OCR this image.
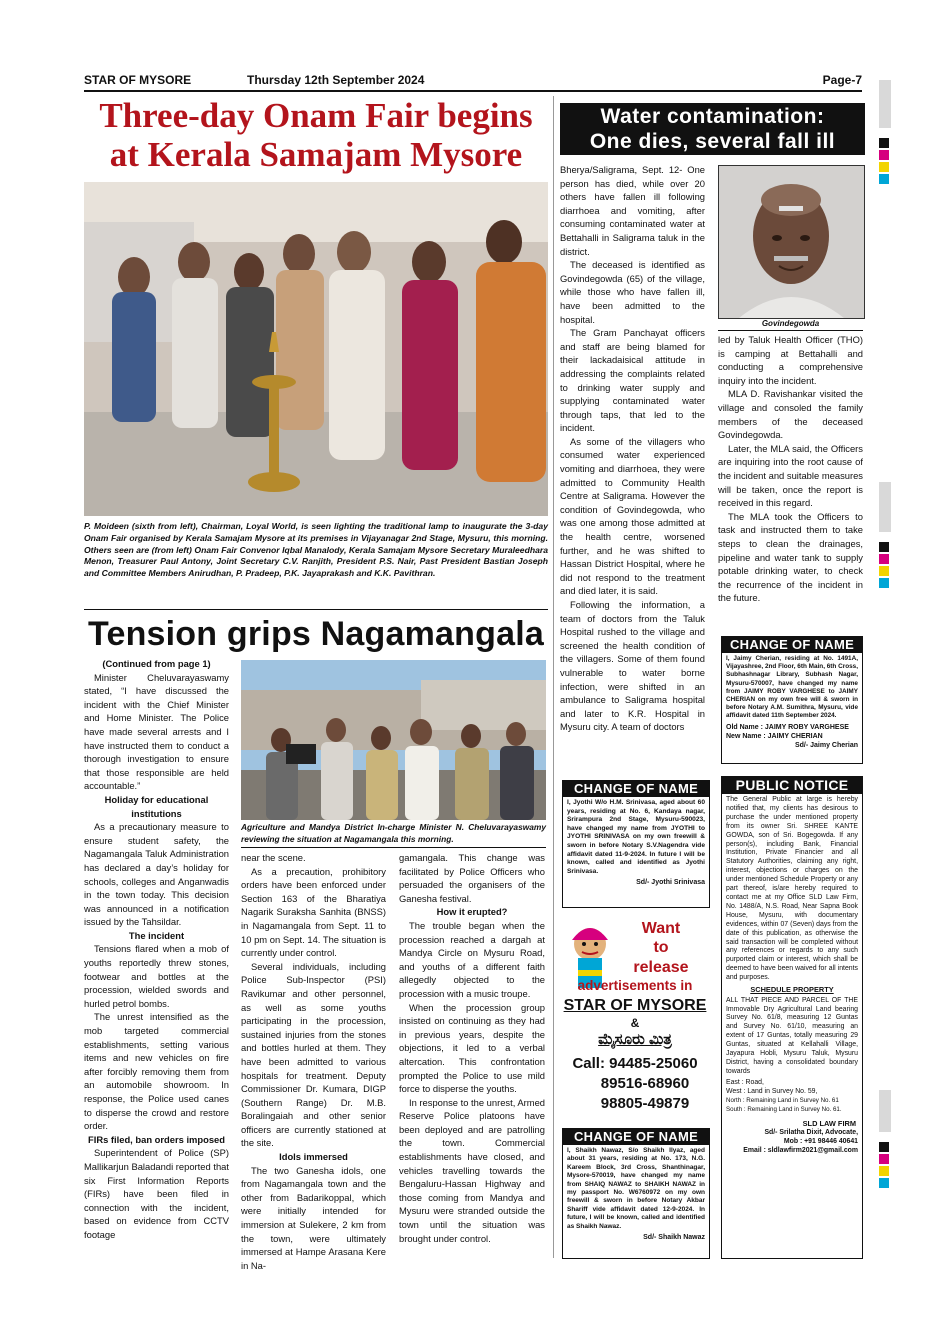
STAR OF MYSORE	Thursday 12th September 2024	Page-7
Three-day Onam Fair begins
at Kerala Samajam Mysore
P. Moideen (sixth from left), Chairman, Loyal World, is seen lighting the traditional lamp to inaugurate the 3-day Onam Fair organised by Kerala Samajam Mysore at its premises in Vijayanagar 2nd Stage, Mysuru, this morning. Others seen are (from left) Onam Fair Convenor Iqbal Manalody, Kerala Samajam Mysore Secretary Muraleedhara Menon, Treasurer Paul Antony, Joint Secretary C.V. Ranjith, President P.S. Nair, Past President Bastian Joseph and Committee Members Anirudhan, P. Pradeep, P.K. Jayaprakash and K.K. Pavithran.
Water contamination:
One dies, several fall ill

Bherya/Saligrama, Sept. 12- One person has died, while over 20 others have fallen ill following diarrhoea and vomiting, after consuming contaminated water at Bettahalli in Saligrama taluk in the district.

The deceased is identified as Govindegowda (65) of the village, while those who have fallen ill, have been admitted to the hospital.

The Gram Panchayat officers and staff are being blamed for their lackadaisical attitude in addressing the complaints related to drinking water supply and supplying contaminated water through taps, that led to the incident.

As some of the villagers who consumed water experienced vomiting and diarrhoea, they were admitted to Community Health Centre at Saligrama. However the condition of Govindegowda, who was one among those admitted at the health centre, worsened further, and he was shifted to Hassan District Hospital, where he did not respond to the treatment and died later, it is said.

Following the information, a team of doctors from the Taluk Hospital rushed to the village and screened the health condition of the villagers. Some of them found vulnerable to water borne infection, were shifted in an ambulance to Saligrama hospital and later to K.R. Hospital in Mysuru city. A team of doctors

Govindegowda

led by Taluk Health Officer (THO) is camping at Bettahalli and conducting a comprehensive inquiry into the incident.

MLA D. Ravishankar visited the village and consoled the family members of the deceased Govindegowda.

Later, the MLA said, the Officers are inquiring into the root cause of the incident and suitable measures will be taken, once the report is received in this regard.

The MLA took the Officers to task and instructed them to take steps to clean the drainages, pipeline and water tank to supply potable drinking water, to check the recurrence of the incident in the future.

CHANGE OF NAME
I, Jaimy Cherian, residing at No. 1491A, Vijayashree, 2nd Floor, 6th Main, 6th Cross, Subhashnagar Library, Subhash Nagar, Mysuru-570007, have changed my name from JAIMY ROBY VARGHESE to JAIMY CHERIAN on my own free will & sworn in before Notary A.M. Sumithra, Mysuru, vide affidavit dated 11th September 2024.
Old Name : JAIMY ROBY VARGHESE
New Name : JAIMY CHERIAN
Sd/- Jaimy Cherian
CHANGE OF NAME
I, Jyothi W/o H.M. Srinivasa, aged about 60 years, residing at No. 6, Kandaya nagar, Srirampura 2nd Stage, Mysuru-590023, have changed my name from JYOTHI to JYOTHI SRINIVASA on my own freewill & sworn in before Notary S.V.Nagendra vide affidavit dated 11-9-2024. In future I will be known, called and identified as Jyothi Srinivasa.
Sd/- Jyothi Srinivasa
Want
to
release
advertisements in
STAR OF MYSORE
&
ಮೈಸೂರು ಮಿತ್ರ
Call: 94485-25060
89516-68960
98805-49879
CHANGE OF NAME
I, Shaikh Nawaz, S/o Shaikh Ilyaz, aged about 31 years, residing at No. 173, N.G. Kareem Block, 3rd Cross, Shanthinagar, Mysore-570019, have changed my name from SHAIQ NAWAZ to SHAIKH NAWAZ in my passport No. W6760972 on my own freewill & sworn in before Notary Akbar Shariff vide affidavit dated 12-9-2024. In future, I will be known, called and identified as Shaikh Nawaz.
Sd/- Shaikh Nawaz
PUBLIC NOTICE
The General Public at large is hereby notified that, my clients has desirous to purchase the under mentioned property from its owner Sri. SHREE KANTE GOWDA, son of Sri. Bogegowda. If any person(s), including Bank, Financial Institution, Private Financier and all Statutory Authorities, claiming any right, interest, objections or charges on the under mentioned Schedule Property or any part thereof, is/are hereby required to contact me at my Office SLD Law Firm, No. 1488/A, N.S. Road, Near Sapna Book House, Mysuru, with documentary evidences, within 07 (Seven) days from the date of this publication, as otherwise the said transaction will be completed without any references or regards to any such purported claim or interest, which shall be deemed to have been waived for all intents and purposes.
SCHEDULE PROPERTY
ALL THAT PIECE AND PARCEL OF THE Immovable Dry Agricultural Land bearing Survey No. 61/8, measuring 12 Guntas and Survey No. 61/10, measuring an extent of 17 Guntas, totally measuring 29 Guntas, situated at Kellahalli Village, Jayapura Hobli, Mysuru Taluk, Mysuru District, having a consolidated boundary towards
East : Road,
West : Land in Survey No. 59,
North : Remaining Land in Survey No. 61
South : Remaining Land in Survey No. 61.
SLD LAW FIRM
Sd/- Srilatha Dixit, Advocate,
Mob : +91 98446 40641
Email : sldlawfirm2021@gmail.com
Tension grips Nagamangala
(Continued from page 1)

Minister Cheluvarayaswamy stated, “I have discussed the incident with the Chief Minister and Home Minister. The Police have made several arrests and I have instructed them to conduct a thorough investigation to ensure that those responsible are held accountable.”

Holiday for educational institutions

As a precautionary measure to ensure student safety, the Nagamangala Taluk Administration has declared a day’s holiday for schools, colleges and Anganwadis in the town today. This decision was announced in a notification issued by the Tahsildar.

The incident

Tensions flared when a mob of youths reportedly threw stones, footwear and bottles at the procession, wielded swords and hurled petrol bombs.

The unrest intensified as the mob targeted commercial establishments, setting various items and new vehicles on fire after forcibly removing them from an automobile showroom. In response, the Police used canes to disperse the crowd and restore order.

FIRs filed, ban orders imposed

Superintendent of Police (SP) Mallikarjun Baladandi reported that six First Information Reports (FIRs) have been filed in connection with the incident, based on evidence from CCTV footage

Agriculture and Mandya District In-charge Minister N. Cheluvarayaswamy reviewing the situation at Nagamangala this morning.

near the scene.

As a precaution, prohibitory orders have been enforced under Section 163 of the Bharatiya Nagarik Suraksha Sanhita (BNSS) in Nagamangala from Sept. 11 to 10 pm on Sept. 14. The situation is currently under control.

Several individuals, including Police Sub-Inspector (PSI) Ravikumar and other personnel, as well as some youths participating in the procession, sustained injuries from the stones and bottles hurled at them. They have been admitted to various hospitals for treatment. Deputy Commissioner Dr. Kumara, DIGP (Southern Range) Dr. M.B. Boralingaiah and other senior officers are currently stationed at the site.

Idols immersed

The two Ganesha idols, one from Nagamangala town and the other from Badarikoppal, which were initially intended for immersion at Sulekere, 2 km from the town, were ultimately immersed at Hampe Arasana Kere in Na-

gamangala. This change was facilitated by Police Officers who persuaded the organisers of the Ganesha festival.

How it erupted?

The trouble began when the procession reached a dargah at Mandya Circle on Mysuru Road, and youths of a different faith allegedly objected to the procession with a music troupe.

When the procession group insisted on continuing as they had in previous years, despite the objections, it led to a verbal altercation. This confrontation prompted the Police to use mild force to disperse the youths.

In response to the unrest, Armed Reserve Police platoons have been deployed and are patrolling the town. Commercial establishments have closed, and vehicles travelling towards the Bengaluru-Hassan Highway and those coming from Mandya and Mysuru were stranded outside the town until the situation was brought under control.
